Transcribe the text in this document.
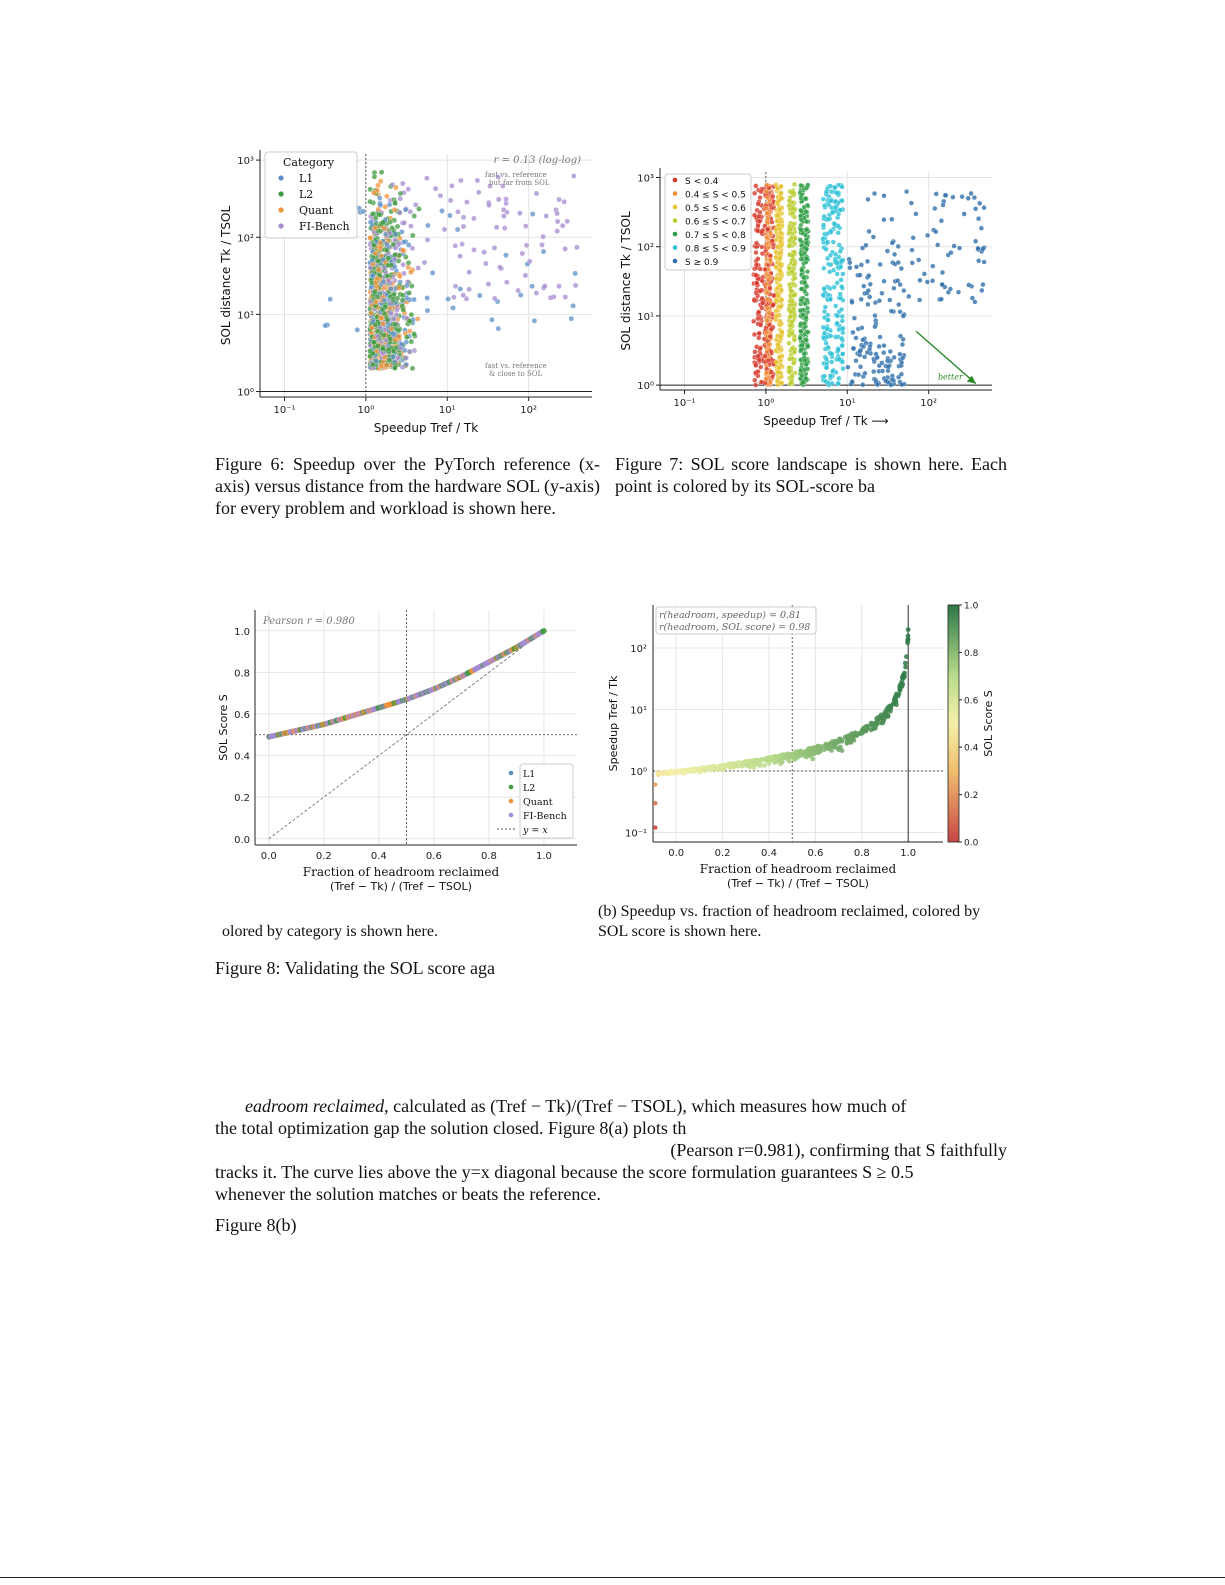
10⁻¹	10⁰	10¹	10²
10⁰
10¹
10²
10³
Speedup Tref / Tk
SOL distance Tk / TSOL
Category
L1
L2
Quant
FI-Bench
r = 0.13 (log-log)
fast vs. reference
but far from SOL
fast vs. reference
& close to SOL
Figure 6: Speedup over the PyTorch reference (x-axis) versus distance from the hardware SOL (y-axis) for every problem and workload is shown here.
10⁻¹	10⁰	10¹	10²
10⁰
10¹
10²
10³
Speedup Tref / Tk ⟶
SOL distance Tk / TSOL
better
S < 0.4
0.4 ≤ S < 0.5
0.5 ≤ S < 0.6
0.6 ≤ S < 0.7
0.7 ≤ S < 0.8
0.8 ≤ S < 0.9
S ≥ 0.9
Figure 7: SOL score landscape is shown here. Each point is colored by its SOL-score ba
0.0
0.0
0.2
0.2
0.4
0.4
0.6
0.6
0.8
0.8
1.0
1.0
Pearson r = 0.980
L1
L2
Quant
FI-Bench
y = x
Fraction of headroom reclaimed
(Tref − Tk) / (Tref − TSOL)
SOL Score S
olored by category is shown here.
0.0	0.2	0.4	0.6	0.8	1.0
10⁻¹
10⁰
10¹
10²
0.0
0.2
0.4
0.6
0.8
1.0
SOL Score S
r(headroom, speedup) = 0.81
r(headroom, SOL score) = 0.98
Fraction of headroom reclaimed
(Tref − Tk) / (Tref − TSOL)
Speedup Tref / Tk
(b) Speedup vs. fraction of headroom reclaimed, colored by SOL score is shown here.
Figure 8: Validating the SOL score aga
eadroom reclaimed, calculated as (Tref − Tk)/(Tref − TSOL), which measures how much of
the total optimization gap the solution closed. Figure 8(a) plots th
(Pearson r=0.981), confirming that S faithfully
tracks it. The curve lies above the y=x diagonal because the score formulation guarantees S ≥ 0.5
whenever the solution matches or beats the reference.
Figure 8(b)
